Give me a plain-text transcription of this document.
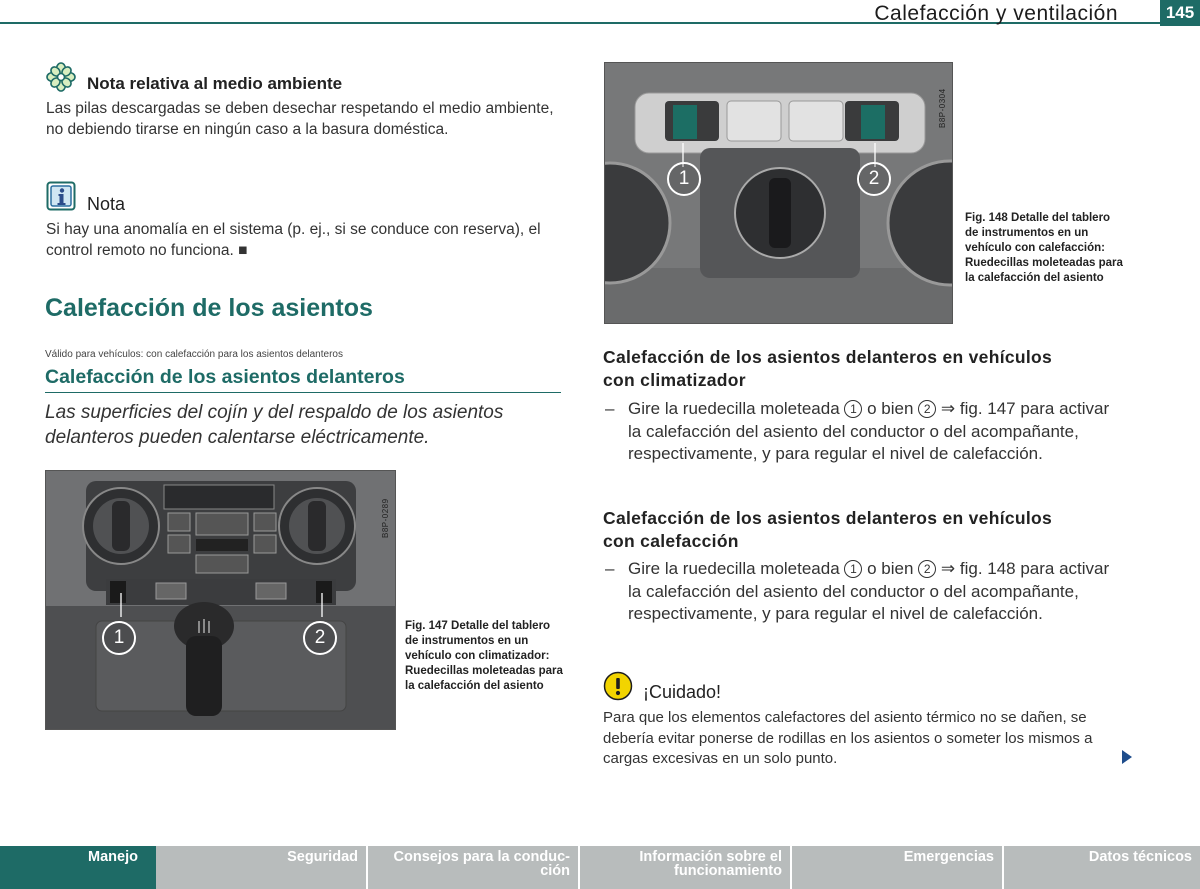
Calefacción y ventilación	145
Nota relativa al medio ambiente
Las pilas descargadas se deben desechar respetando el medio ambiente, no debiendo tirarse en ningún caso a la basura doméstica.
Nota
Si hay una anomalía en el sistema (p. ej., si se conduce con reserva), el control remoto no funciona. ■
Calefacción de los asientos
Válido para vehículos: con calefacción para los asientos delanteros
Calefacción de los asientos delanteros
Las superficies del cojín y del respaldo de los asientos delanteros pueden calentarse eléctricamente.
1	2
B8P-0289
Fig. 147 Detalle del tablero de instrumentos en un vehículo con climatizador: Ruedecillas moleteadas para la calefacción del asiento
1	2
B8P-0304
Fig. 148 Detalle del tablero de instrumentos en un vehículo con calefacción: Ruedecillas moleteadas para la calefacción del asiento
Calefacción de los asientos delanteros en vehículos con climatizador
– Gire la ruedecilla moleteada 1 o bien 2 ⇒ fig. 147 para activar la calefacción del asiento del conductor o del acompañante, respectivamente, y para regular el nivel de calefacción.
Calefacción de los asientos delanteros en vehículos con calefacción
– Gire la ruedecilla moleteada 1 o bien 2 ⇒ fig. 148 para activar la calefacción del asiento del conductor o del acompañante, respectivamente, y para regular el nivel de calefacción.
¡Cuidado!
Para que los elementos calefactores del asiento térmico no se dañen, se debería evitar ponerse de rodillas en los asientos o someter los mismos a cargas excesivas en un solo punto.
Manejo	Seguridad	Consejos para la conduc- ción
Información sobre el funcionamiento
Emergencias	Datos técnicos
